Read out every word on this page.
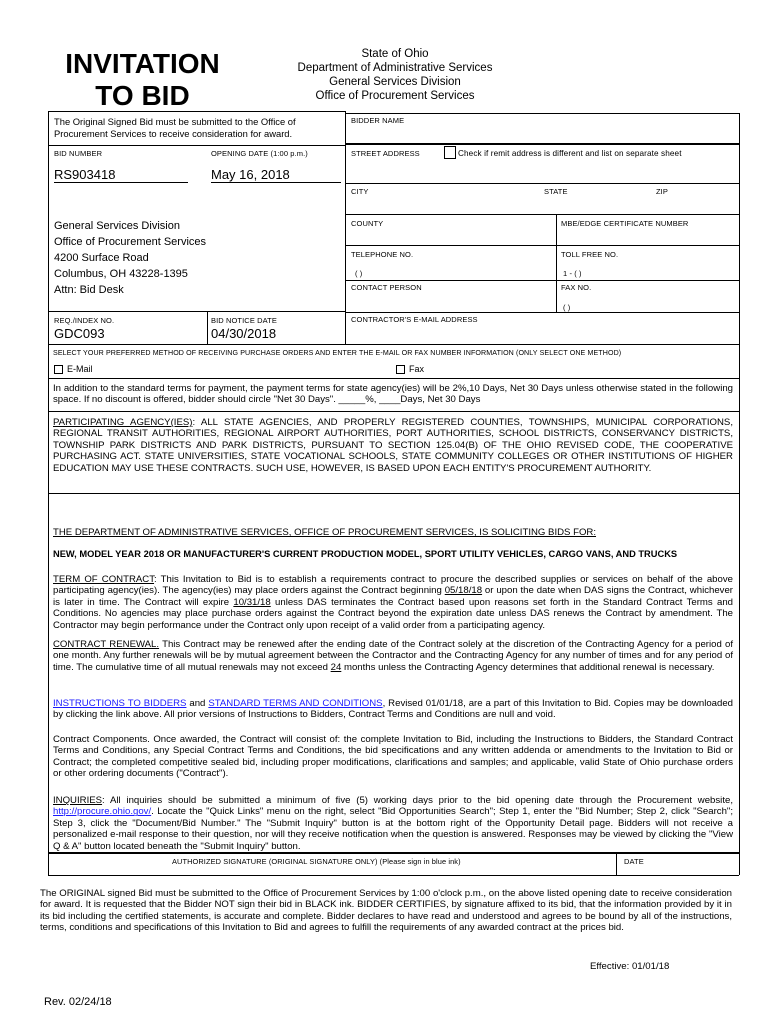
INVITATION
TO BID
State of Ohio
Department of Administrative Services
General Services Division
Office of Procurement Services
The Original Signed Bid must be submitted to the Office of Procurement Services to receive consideration for award.
BID NUMBER
RS903418
OPENING DATE (1:00 p.m.)
May 16, 2018
General Services Division
Office of Procurement Services
4200 Surface Road
Columbus, OH 43228-1395
Attn: Bid Desk
REQ./INDEX NO.
GDC093
BID NOTICE DATE
04/30/2018
BIDDER NAME
STREET ADDRESS	Check if remit address is different and list on separate sheet
CITY	STATE	ZIP
COUNTY	MBE/EDGE CERTIFICATE NUMBER
TELEPHONE NO.
( )
TOLL FREE NO.
1 - ( )
CONTACT PERSON	FAX NO.
( )
CONTRACTOR'S E-MAIL ADDRESS
SELECT YOUR PREFERRED METHOD OF RECEIVING PURCHASE ORDERS AND ENTER THE E-MAIL OR FAX NUMBER INFORMATION (ONLY SELECT ONE METHOD)
E-Mail	Fax
In addition to the standard terms for payment, the payment terms for state agency(ies) will be 2%,10 Days, Net 30 Days unless otherwise stated in the following space. If no discount is offered, bidder should circle "Net 30 Days". _____%, ____Days, Net 30 Days
PARTICIPATING AGENCY(IES): ALL STATE AGENCIES, AND PROPERLY REGISTERED COUNTIES, TOWNSHIPS, MUNICIPAL CORPORATIONS, REGIONAL TRANSIT AUTHORITIES, REGIONAL AIRPORT AUTHORITIES, PORT AUTHORITIES, SCHOOL DISTRICTS, CONSERVANCY DISTRICTS, TOWNSHIP PARK DISTRICTS AND PARK DISTRICTS, PURSUANT TO SECTION 125.04(B) OF THE OHIO REVISED CODE, THE COOPERATIVE PURCHASING ACT. STATE UNIVERSITIES, STATE VOCATIONAL SCHOOLS, STATE COMMUNITY COLLEGES OR OTHER INSTITUTIONS OF HIGHER EDUCATION MAY USE THESE CONTRACTS. SUCH USE, HOWEVER, IS BASED UPON EACH ENTITY'S PROCUREMENT AUTHORITY.
THE DEPARTMENT OF ADMINISTRATIVE SERVICES, OFFICE OF PROCUREMENT SERVICES, IS SOLICITING BIDS FOR:
NEW, MODEL YEAR 2018 OR MANUFACTURER'S CURRENT PRODUCTION MODEL, SPORT UTILITY VEHICLES, CARGO VANS, AND TRUCKS
TERM OF CONTRACT: This Invitation to Bid is to establish a requirements contract to procure the described supplies or services on behalf of the above participating agency(ies). The agency(ies) may place orders against the Contract beginning 05/18/18 or upon the date when DAS signs the Contract, whichever is later in time. The Contract will expire 10/31/18 unless DAS terminates the Contract based upon reasons set forth in the Standard Contract Terms and Conditions. No agencies may place purchase orders against the Contract beyond the expiration date unless DAS renews the Contract by amendment. The Contractor may begin performance under the Contract only upon receipt of a valid order from a participating agency.
CONTRACT RENEWAL. This Contract may be renewed after the ending date of the Contract solely at the discretion of the Contracting Agency for a period of one month. Any further renewals will be by mutual agreement between the Contractor and the Contracting Agency for any number of times and for any period of time. The cumulative time of all mutual renewals may not exceed 24 months unless the Contracting Agency determines that additional renewal is necessary.
INSTRUCTIONS TO BIDDERS and STANDARD TERMS AND CONDITIONS, Revised 01/01/18, are a part of this Invitation to Bid. Copies may be downloaded by clicking the link above. All prior versions of Instructions to Bidders, Contract Terms and Conditions are null and void.
Contract Components. Once awarded, the Contract will consist of: the complete Invitation to Bid, including the Instructions to Bidders, the Standard Contract Terms and Conditions, any Special Contract Terms and Conditions, the bid specifications and any written addenda or amendments to the Invitation to Bid or Contract; the completed competitive sealed bid, including proper modifications, clarifications and samples; and applicable, valid State of Ohio purchase orders or other ordering documents ("Contract").
INQUIRIES: All inquiries should be submitted a minimum of five (5) working days prior to the bid opening date through the Procurement website, http://procure.ohio.gov/. Locate the "Quick Links" menu on the right, select "Bid Opportunities Search"; Step 1, enter the "Bid Number; Step 2, click "Search"; Step 3, click the "Document/Bid Number." The "Submit Inquiry" button is at the bottom right of the Opportunity Detail page. Bidders will not receive a personalized e-mail response to their question, nor will they receive notification when the question is answered. Responses may be viewed by clicking the "View Q & A" button located beneath the "Submit Inquiry" button.
AUTHORIZED SIGNATURE (ORIGINAL SIGNATURE ONLY) (Please sign in blue ink)	DATE
The ORIGINAL signed Bid must be submitted to the Office of Procurement Services by 1:00 o'clock p.m., on the above listed opening date to receive consideration for award. It is requested that the Bidder NOT sign their bid in BLACK ink. BIDDER CERTIFIES, by signature affixed to its bid, that the information provided by it in its bid including the certified statements, is accurate and complete. Bidder declares to have read and understood and agrees to be bound by all of the instructions, terms, conditions and specifications of this Invitation to Bid and agrees to fulfill the requirements of any awarded contract at the prices bid.
Effective: 01/01/18
Rev. 02/24/18
